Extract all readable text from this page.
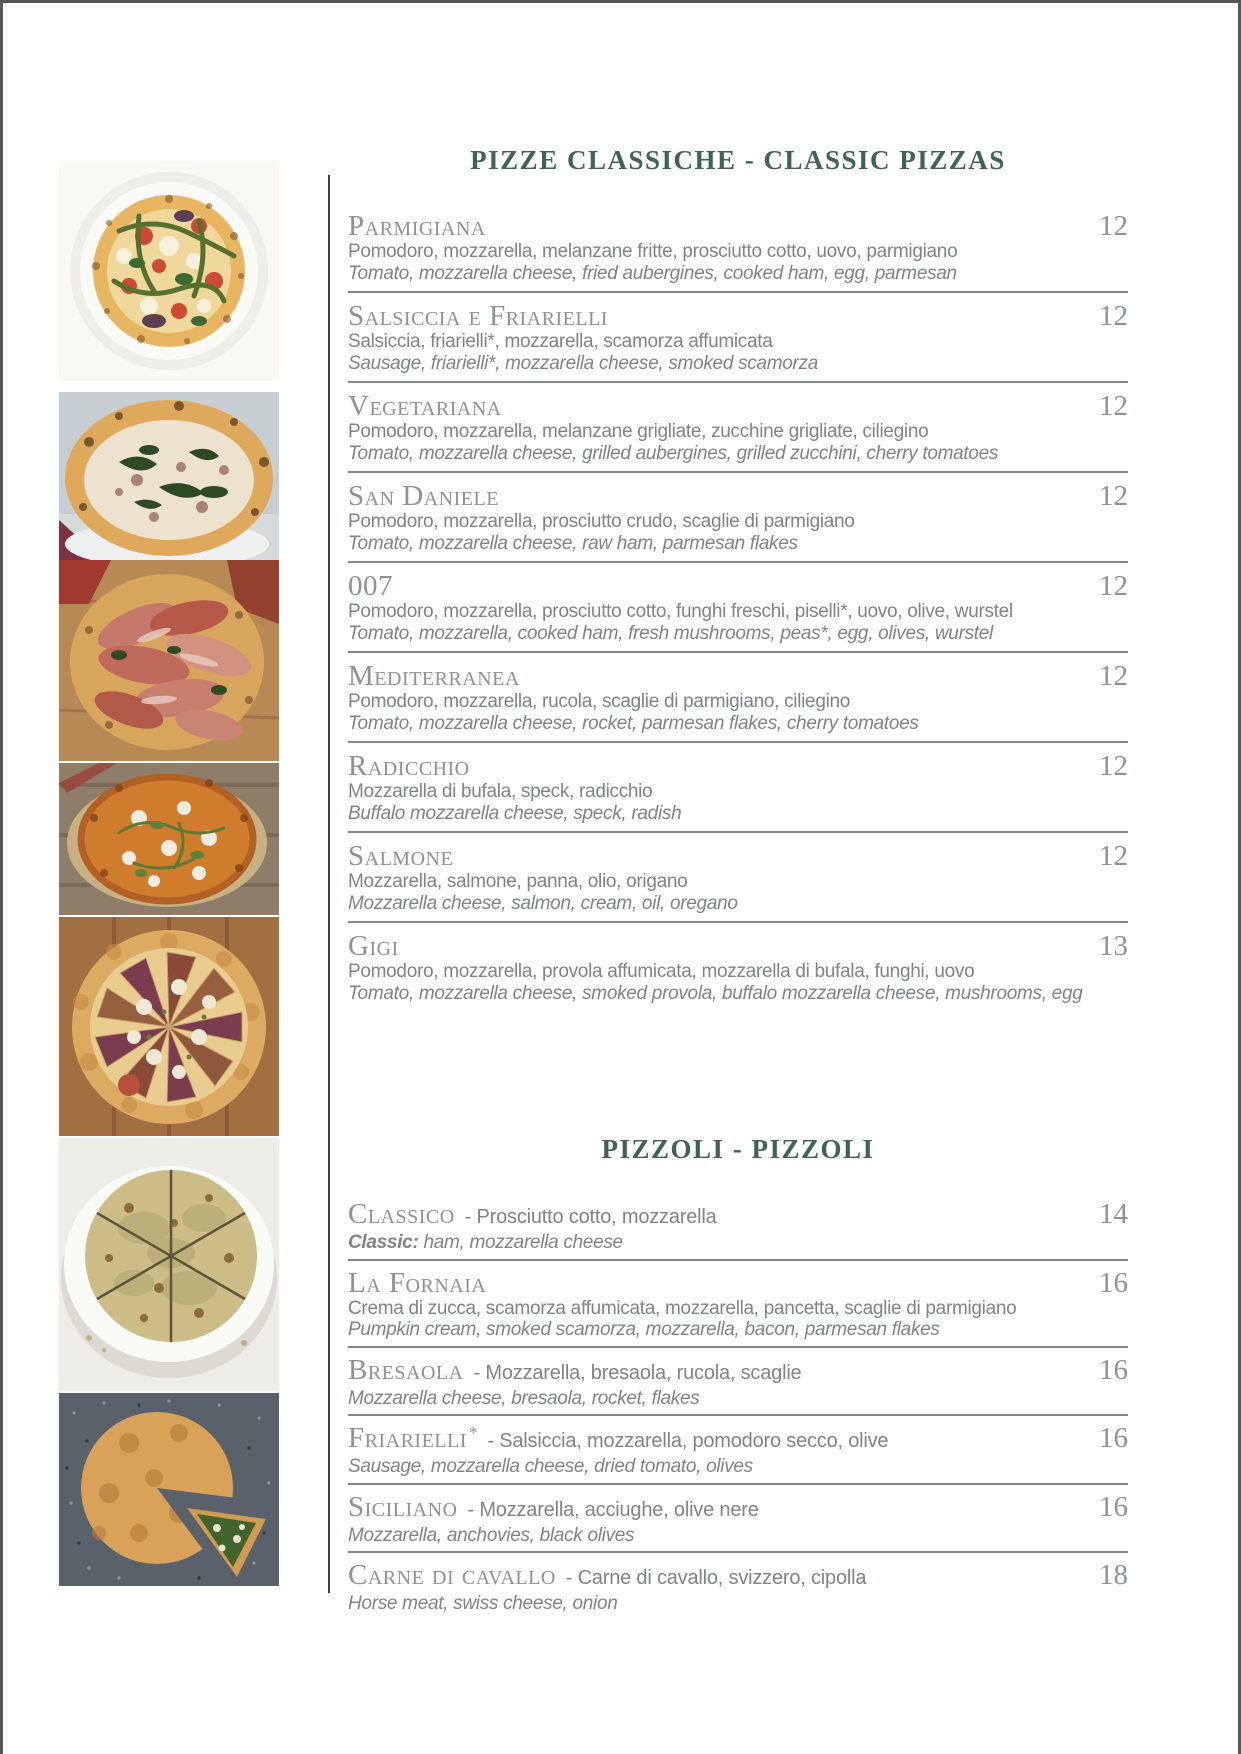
PIZZE CLASSICHE - CLASSIC PIZZAS
Parmigiana	12
Pomodoro, mozzarella, melanzane fritte, prosciutto cotto, uovo, parmigiano
Tomato, mozzarella cheese, fried aubergines, cooked ham, egg, parmesan
Salsiccia e Friarielli	12
Salsiccia, friarielli*, mozzarella, scamorza affumicata
Sausage, friarielli*, mozzarella cheese, smoked scamorza
Vegetariana	12
Pomodoro, mozzarella, melanzane grigliate, zucchine grigliate, ciliegino
Tomato, mozzarella cheese, grilled aubergines, grilled zucchini, cherry tomatoes
San Daniele	12
Pomodoro, mozzarella, prosciutto crudo, scaglie di parmigiano
Tomato, mozzarella cheese, raw ham, parmesan flakes
007	12
Pomodoro, mozzarella, prosciutto cotto, funghi freschi, piselli*, uovo, olive, wurstel
Tomato, mozzarella, cooked ham, fresh mushrooms, peas*, egg, olives, wurstel
Mediterranea	12
Pomodoro, mozzarella, rucola, scaglie di parmigiano, ciliegino
Tomato, mozzarella cheese, rocket, parmesan flakes, cherry tomatoes
Radicchio	12
Mozzarella di bufala, speck, radicchio
Buffalo mozzarella cheese, speck, radish
Salmone	12
Mozzarella, salmone, panna, olio, origano
Mozzarella cheese, salmon, cream, oil, oregano
Gigi	13
Pomodoro, mozzarella, provola affumicata, mozzarella di bufala, funghi, uovo
Tomato, mozzarella cheese, smoked provola, buffalo mozzarella cheese, mushrooms, egg
PIZZOLI - PIZZOLI
Classico - Prosciutto cotto, mozzarella	14
Classic: ham, mozzarella cheese
La Fornaia	16
Crema di zucca, scamorza affumicata, mozzarella, pancetta, scaglie di parmigiano
Pumpkin cream, smoked scamorza, mozzarella, bacon, parmesan flakes
Bresaola - Mozzarella, bresaola, rucola, scaglie	16
Mozzarella cheese, bresaola, rocket, flakes
Friarielli * - Salsiccia, mozzarella, pomodoro secco, olive	16
Sausage, mozzarella cheese, dried tomato, olives
Siciliano - Mozzarella, acciughe, olive nere	16
Mozzarella, anchovies, black olives
Carne di cavallo - Carne di cavallo, svizzero, cipolla	18
Horse meat, swiss cheese, onion
